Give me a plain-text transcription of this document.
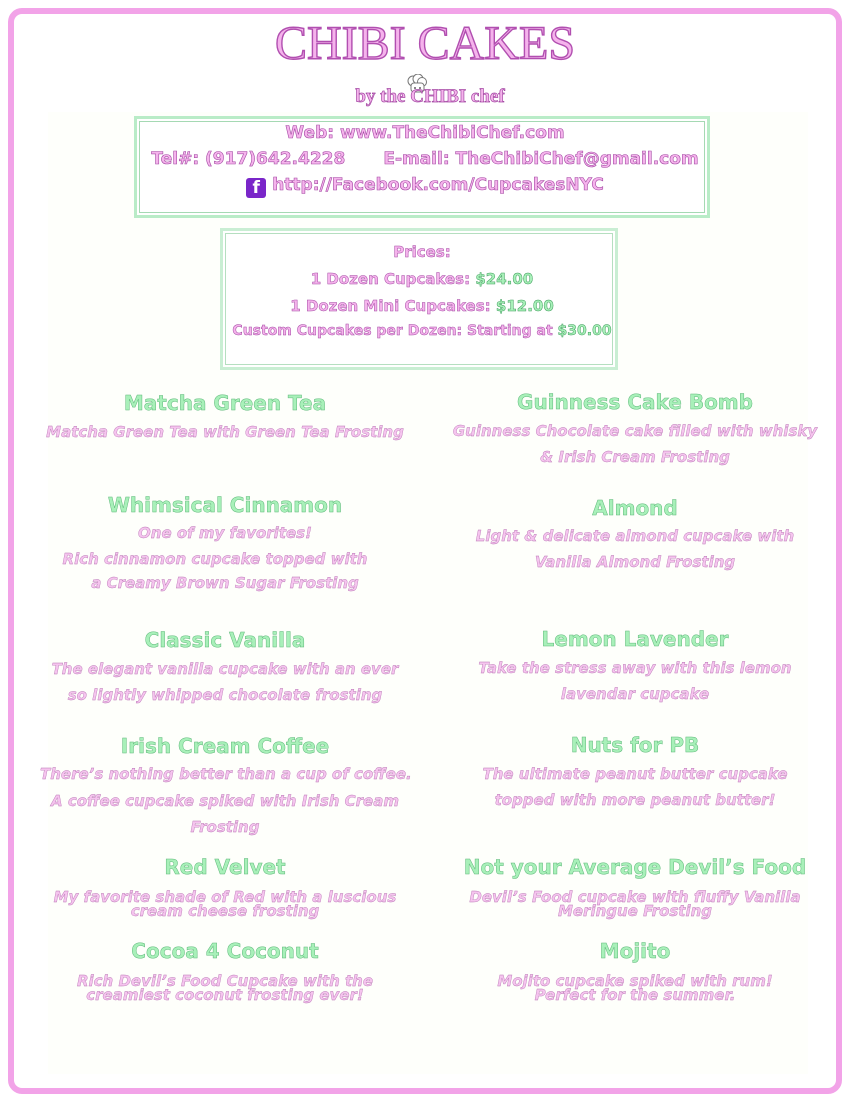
CHIBI CAKES
by the CHIBI chef
Web: www.TheChibiChef.com
Tel#: (917)642.4228 E-mail: TheChibiChef@gmail.com
f http://Facebook.com/CupcakesNYC
Prices:
1 Dozen Cupcakes: $24.00
1 Dozen Mini Cupcakes: $12.00
Custom Cupcakes per Dozen: Starting at $30.00
Matcha Green Tea
Matcha Green Tea with Green Tea Frosting
Whimsical Cinnamon
One of my favorites!
Rich cinnamon cupcake topped with
a Creamy Brown Sugar Frosting
Classic Vanilla
The elegant vanilla cupcake with an ever
so lightly whipped chocolate frosting
Irish Cream Coffee
There’s nothing better than a cup of coffee.
A coffee cupcake spiked with Irish Cream
Frosting
Red Velvet
My favorite shade of Red with a luscious
cream cheese frosting
Cocoa 4 Coconut
Rich Devil’s Food Cupcake with the
creamiest coconut frosting ever!
Guinness Cake Bomb
Guinness Chocolate cake filled with whisky
& Irish Cream Frosting
Almond
Light & delicate almond cupcake with
Vanilla Almond Frosting
Lemon Lavender
Take the stress away with this lemon
lavendar cupcake
Nuts for PB
The ultimate peanut butter cupcake
topped with more peanut butter!
Not your Average Devil’s Food
Devil’s Food cupcake with fluffy Vanilla
Meringue Frosting
Mojito
Mojito cupcake spiked with rum!
Perfect for the summer.
